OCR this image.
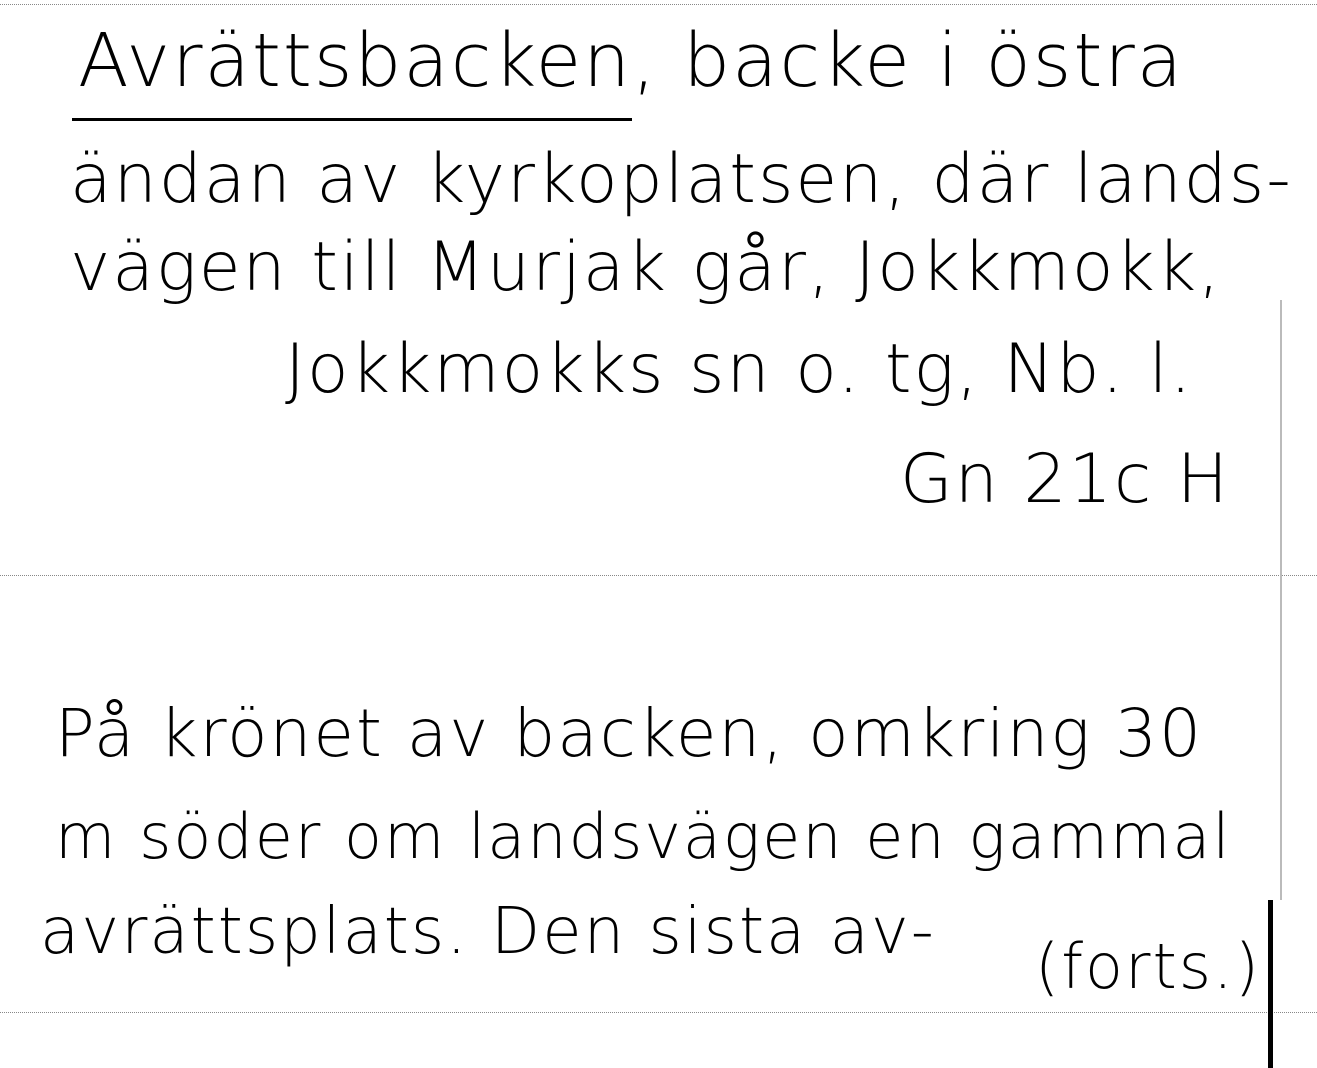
Avrättsbacken, backe i östra
ändan av kyrkoplatsen, där lands-
vägen till Murjak går, Jokkmokk,
Jokkmokks sn o. tg, Nb. l.
Gn 21c H
På krönet av backen, omkring 30
m söder om landsvägen en gammal
avrättsplats. Den sista av- (forts.)
